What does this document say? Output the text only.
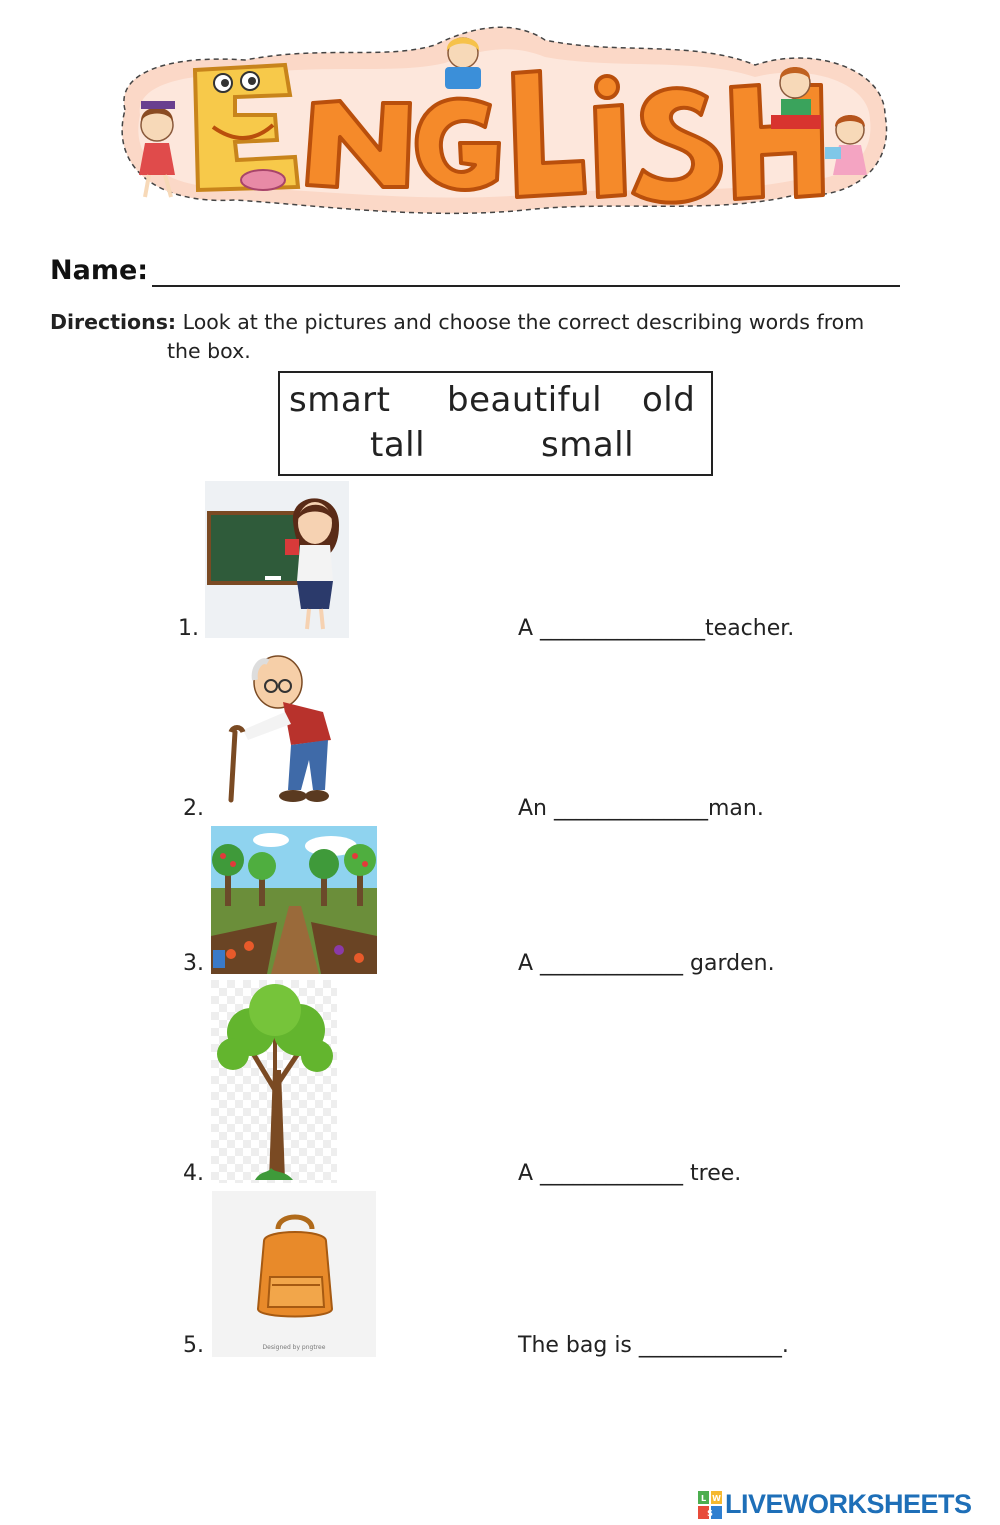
Name:
Directions: Look at the pictures and choose the correct describing words from
the box.
smart beautiful old
tall	small
1.	A _______________teacher.
2.	An ______________man.
3.	A _____________ garden.
4.	A _____________ tree.
Designed by pngtree
5.	The bag is _____________.
L W
S LIVEWORKSHEETS
